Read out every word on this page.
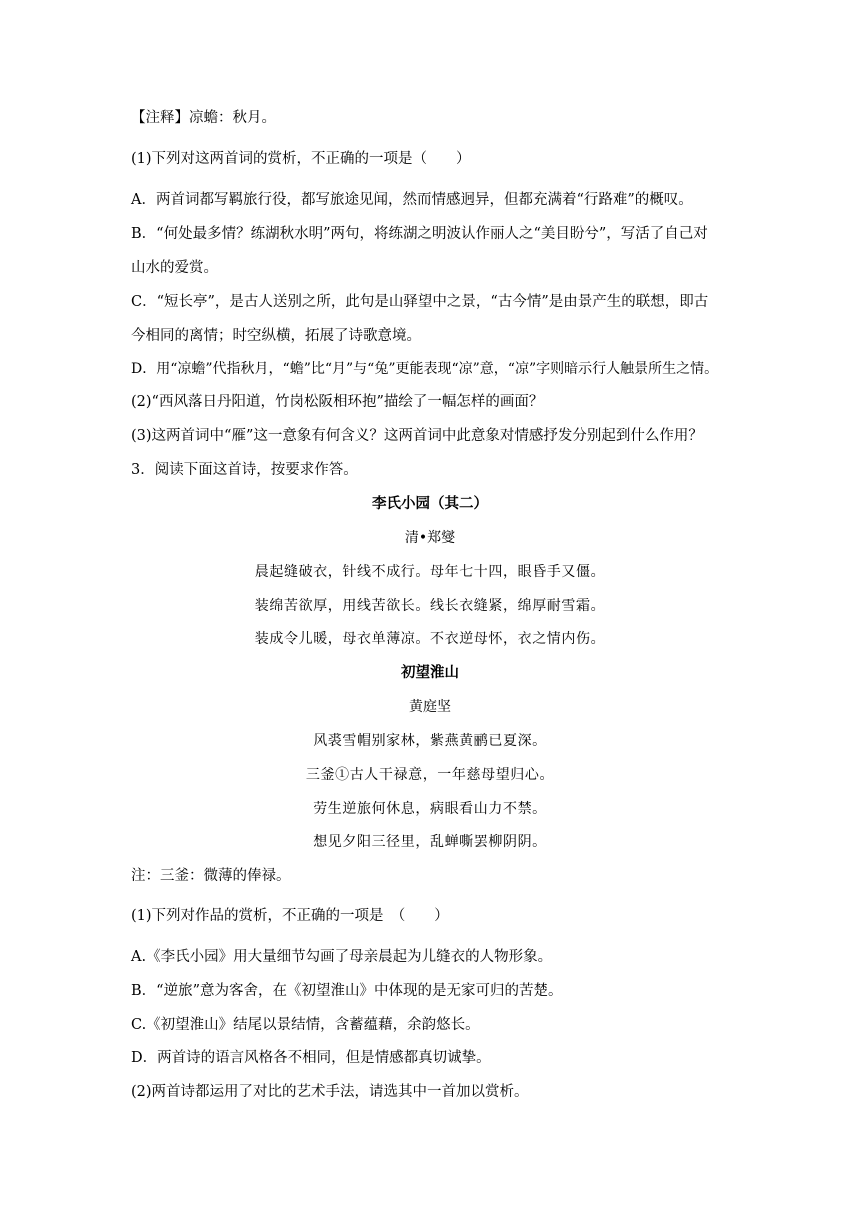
【注释】凉蟾：秋月。
(1)下列对这两首词的赏析，不正确的一项是（　　）
A．两首词都写羁旅行役，都写旅途见闻，然而情感迥异，但都充满着“行路难”的概叹。
B．“何处最多情？练湖秋水明”两句，将练湖之明波认作丽人之“美目盼兮”，写活了自己对
山水的爱赏。
C．“短长亭”，是古人送别之所，此句是山驿望中之景，“古今情”是由景产生的联想，即古
今相同的离情；时空纵横，拓展了诗歌意境。
D．用“凉蟾”代指秋月，“蟾”比“月”与“兔”更能表现“凉”意，“凉”字则暗示行人触景所生之情。
(2)“西风落日丹阳道，竹岗松阪相环抱”描绘了一幅怎样的画面？
(3)这两首词中“雁”这一意象有何含义？这两首词中此意象对情感抒发分别起到什么作用？
3．阅读下面这首诗，按要求作答。
李氏小园（其二）
清•郑燮
晨起缝破衣，针线不成行。母年七十四，眼昏手又僵。
装绵苦欲厚，用线苦欲长。线长衣缝紧，绵厚耐雪霜。
装成令儿暖，母衣单薄凉。不衣逆母怀，衣之情内伤。
初望淮山
黄庭坚
风裘雪帽别家林，紫燕黄鹂已夏深。
三釜①古人干禄意，一年慈母望归心。
劳生逆旅何休息，病眼看山力不禁。
想见夕阳三径里，乱蝉嘶罢柳阴阴。
注：三釜：微薄的俸禄。
(1)下列对作品的赏析，不正确的一项是　（　　）
A.《李氏小园》用大量细节勾画了母亲晨起为儿缝衣的人物形象。
B．“逆旅”意为客舍，在《初望淮山》中体现的是无家可归的苦楚。
C.《初望淮山》结尾以景结情，含蓄蕴藉，余韵悠长。
D．两首诗的语言风格各不相同，但是情感都真切诚挚。
(2)两首诗都运用了对比的艺术手法，请选其中一首加以赏析。
